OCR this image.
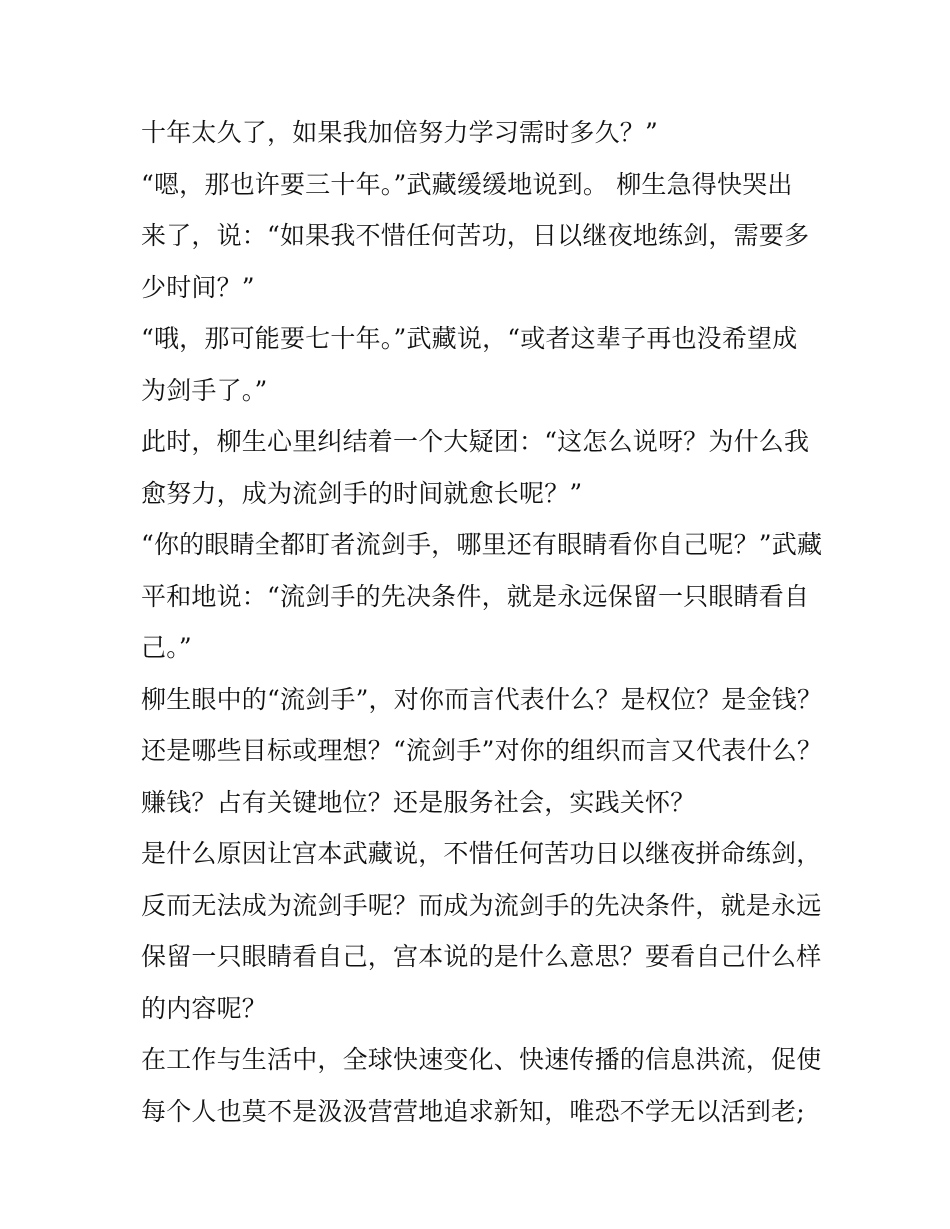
十年太久了，如果我加倍努力学习需时多久？”
“嗯，那也许要三十年。”武藏缓缓地说到。 柳生急得快哭出
来了，说：“如果我不惜任何苦功，日以继夜地练剑，需要多
少时间？”
“哦，那可能要七十年。”武藏说，“或者这辈子再也没希望成
为剑手了。”
此时，柳生心里纠结着一个大疑团：“这怎么说呀？为什么我
愈努力，成为流剑手的时间就愈长呢？”
“你的眼睛全都盯者流剑手，哪里还有眼睛看你自己呢？”武藏
平和地说：“流剑手的先决条件，就是永远保留一只眼睛看自
己。”
柳生眼中的“流剑手”，对你而言代表什么？是权位？是金钱？
还是哪些目标或理想？“流剑手”对你的组织而言又代表什么？
赚钱？占有关键地位？还是服务社会，实践关怀？
是什么原因让宫本武藏说，不惜任何苦功日以继夜拼命练剑，
反而无法成为流剑手呢？而成为流剑手的先决条件，就是永远
保留一只眼睛看自己，宫本说的是什么意思？要看自己什么样
的内容呢？
在工作与生活中，全球快速变化、快速传播的信息洪流，促使
每个人也莫不是汲汲营营地追求新知，唯恐不学无以活到老;
